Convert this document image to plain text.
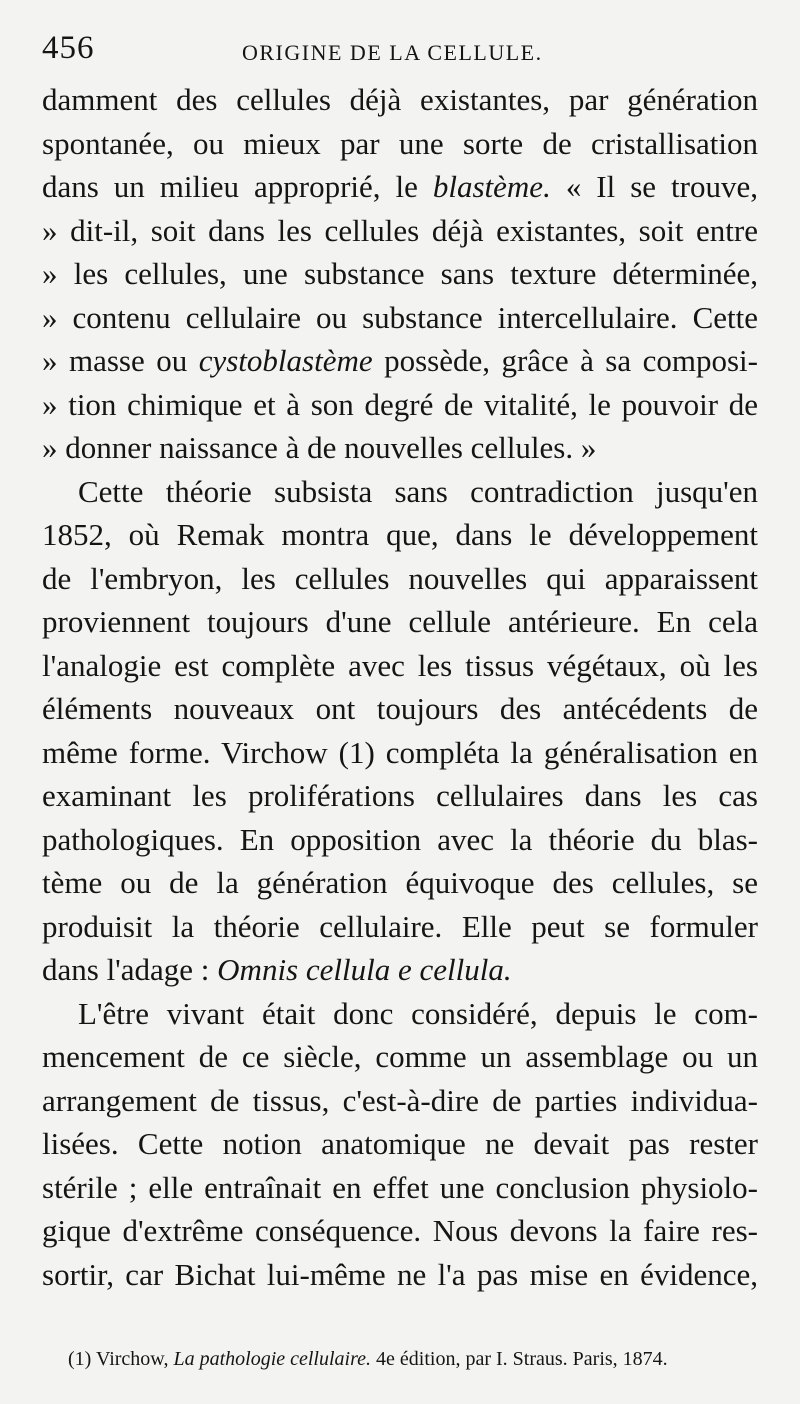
456	ORIGINE DE LA CELLULE.

damment des cellules déjà existantes, par génération
spontanée, ou mieux par une sorte de cristallisation
dans un milieu approprié, le blastème. « Il se trouve,
» dit-il, soit dans les cellules déjà existantes, soit entre
» les cellules, une substance sans texture déterminée,
» contenu cellulaire ou substance intercellulaire. Cette
» masse ou cystoblastème possède, grâce à sa composi-
» tion chimique et à son degré de vitalité, le pouvoir de
» donner naissance à de nouvelles cellules. »

Cette théorie subsista sans contradiction jusqu'en
1852, où Remak montra que, dans le développement
de l'embryon, les cellules nouvelles qui apparaissent
proviennent toujours d'une cellule antérieure. En cela
l'analogie est complète avec les tissus végétaux, où les
éléments nouveaux ont toujours des antécédents de
même forme. Virchow (1) compléta la généralisation en
examinant les proliférations cellulaires dans les cas
pathologiques. En opposition avec la théorie du blas-
tème ou de la génération équivoque des cellules, se
produisit la théorie cellulaire. Elle peut se formuler
dans l'adage : Omnis cellula e cellula.

L'être vivant était donc considéré, depuis le com-
mencement de ce siècle, comme un assemblage ou un
arrangement de tissus, c'est-à-dire de parties individua-
lisées. Cette notion anatomique ne devait pas rester
stérile ; elle entraînait en effet une conclusion physiolo-
gique d'extrême conséquence. Nous devons la faire res-
sortir, car Bichat lui-même ne l'a pas mise en évidence,

(1) Virchow, La pathologie cellulaire. 4e édition, par I. Straus. Paris, 1874.
